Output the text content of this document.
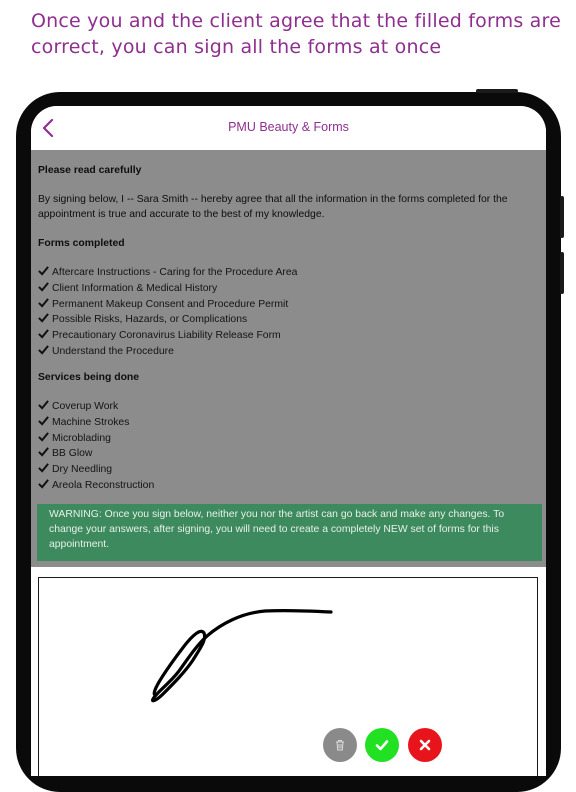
Once you and the client agree that the filled forms are
correct, you can sign all the forms at once
PMU Beauty & Forms
Please read carefully
By signing below, I -- Sara Smith -- hereby agree that all the information in the forms completed for the appointment is true and accurate to the best of my knowledge.
Forms completed
Aftercare Instructions - Caring for the Procedure Area
Client Information & Medical History
Permanent Makeup Consent and Procedure Permit
Possible Risks, Hazards, or Complications
Precautionary Coronavirus Liability Release Form
Understand the Procedure
Services being done
Coverup Work
Machine Strokes
Microblading
BB Glow
Dry Needling
Areola Reconstruction
WARNING: Once you sign below, neither you nor the artist can go back and make any changes. To change your answers, after signing, you will need to create a completely NEW set of forms for this appointment.
